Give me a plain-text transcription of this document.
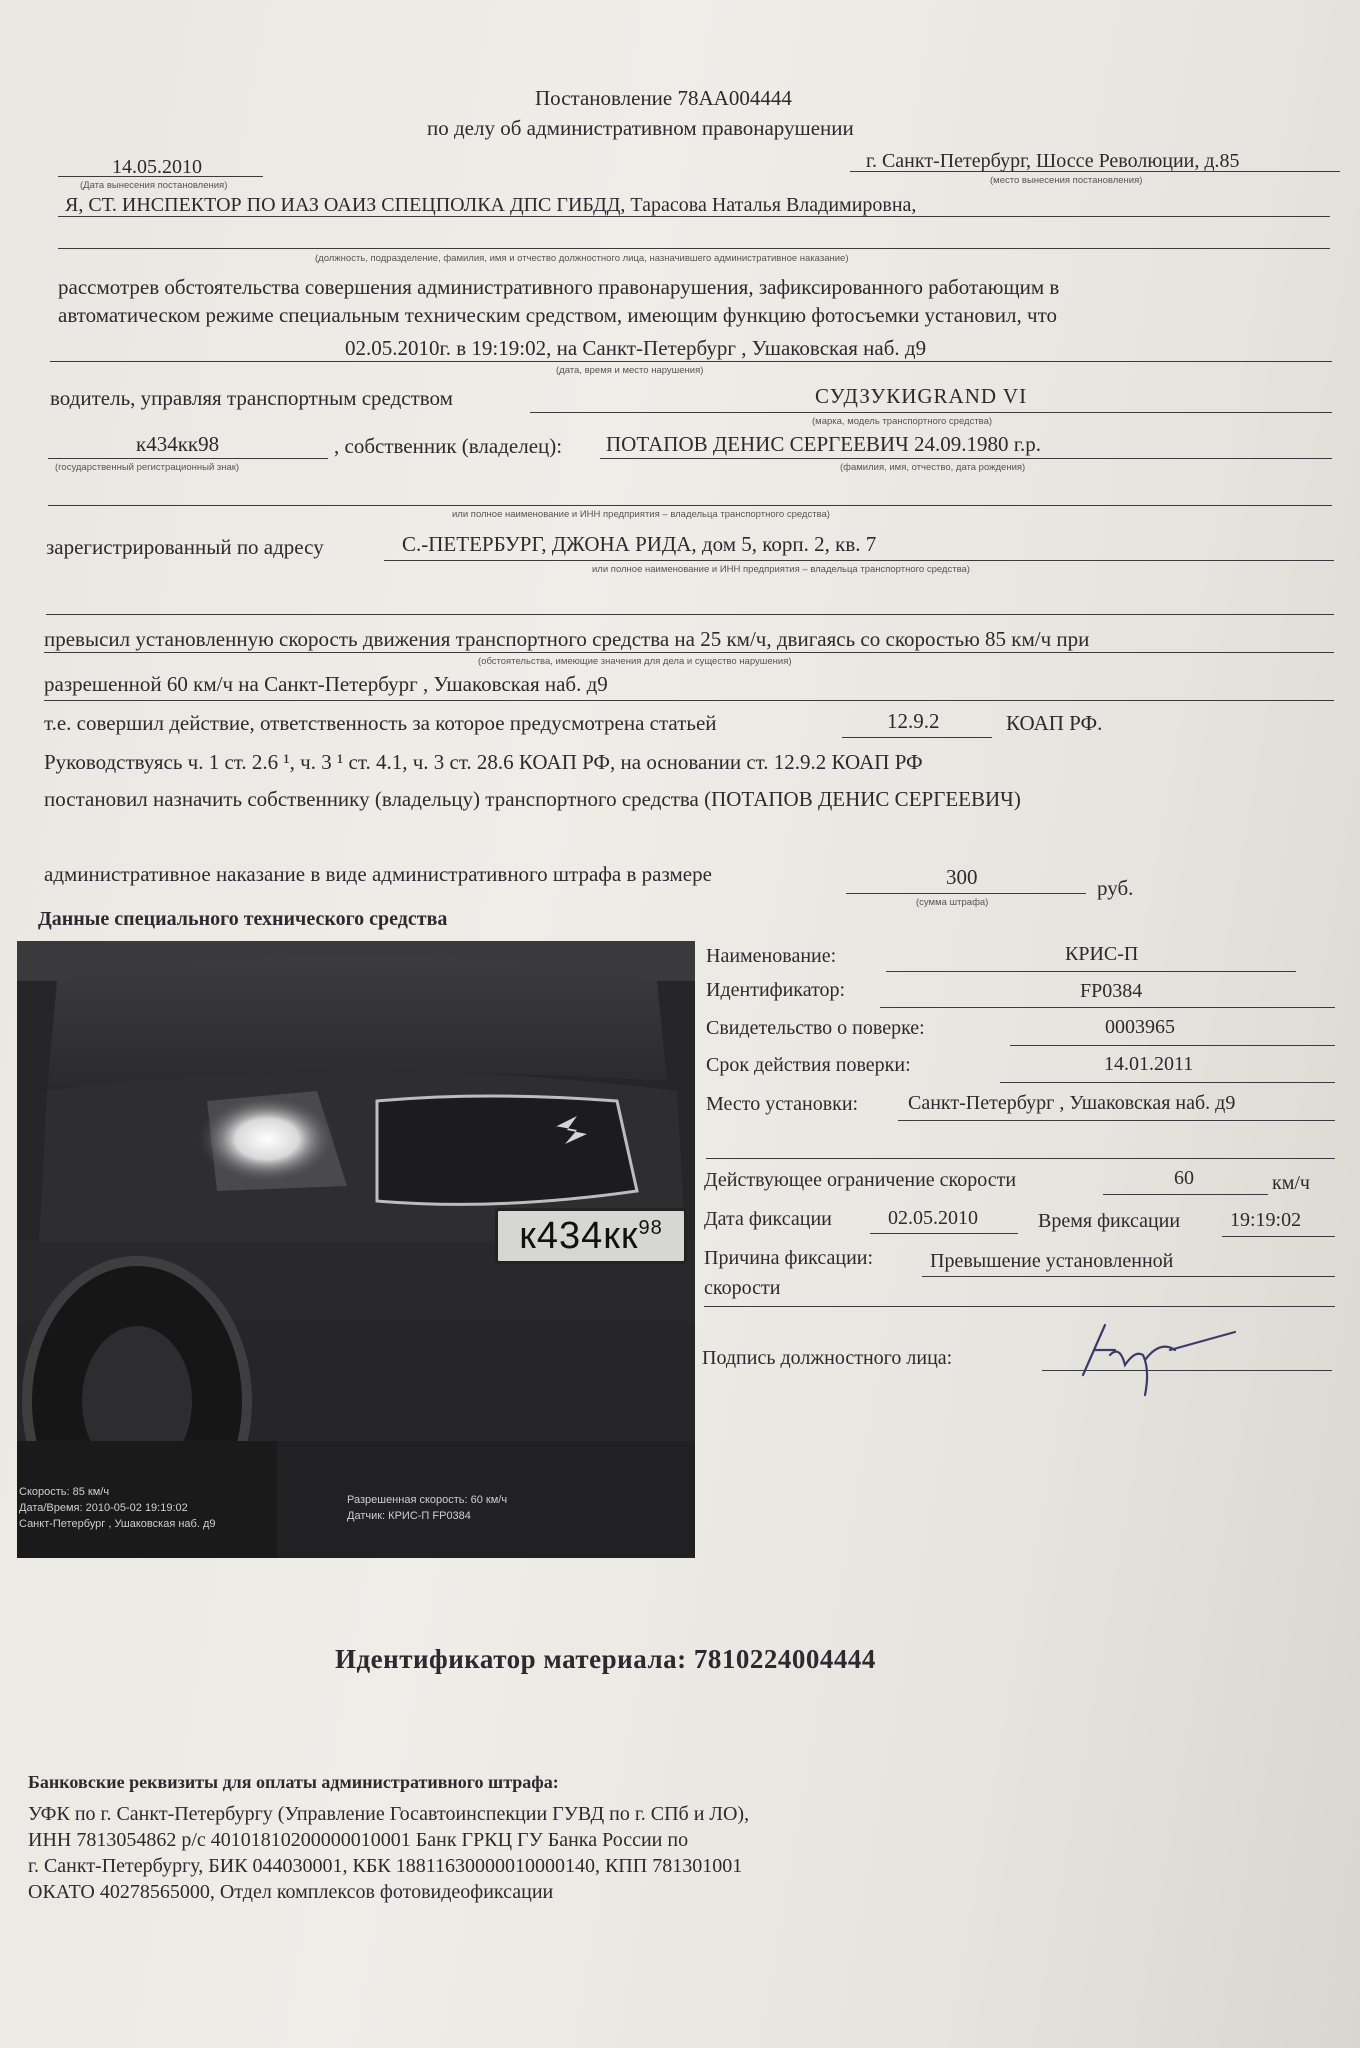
Постановление 78АА004444
по делу об административном правонарушении
14.05.2010
(Дата вынесения постановления)
г. Санкт-Петербург, Шоссе Революции, д.85
(место вынесения постановления)
Я, СТ. ИНСПЕКТОР ПО ИАЗ ОАИЗ СПЕЦПОЛКА ДПС ГИБДД, Тарасова Наталья Владимировна,
(должность, подразделение, фамилия, имя и отчество должностного лица, назначившего административное наказание)
рассмотрев обстоятельства совершения административного правонарушения, зафиксированного работающим в
автоматическом режиме специальным техническим средством, имеющим функцию фотосъемки установил, что
02.05.2010г. в 19:19:02, на Санкт-Петербург , Ушаковская наб. д9
(дата, время и место нарушения)
водитель, управляя транспортным средством	СУДЗУКИGRAND VI
(марка, модель транспортного средства)
к434кк98
(государственный регистрационный знак)
, собственник (владелец): ПОТАПОВ ДЕНИС СЕРГЕЕВИЧ 24.09.1980 г.р.
(фамилия, имя, отчество, дата рождения)
или полное наименование и ИНН предприятия – владельца транспортного средства)
зарегистрированный по адресу	С.-ПЕТЕРБУРГ, ДЖОНА РИДА, дом 5, корп. 2, кв. 7
или полное наименование и ИНН предприятия – владельца транспортного средства)
превысил установленную скорость движения транспортного средства на 25 км/ч, двигаясь со скоростью 85 км/ч при
(обстоятельства, имеющие значения для дела и существо нарушения)
разрешенной 60 км/ч на Санкт-Петербург , Ушаковская наб. д9
т.е. совершил действие, ответственность за которое предусмотрена статьей	12.9.2	КОАП РФ.
Руководствуясь ч. 1 ст. 2.6 ¹, ч. 3 ¹ ст. 4.1, ч. 3 ст. 28.6 КОАП РФ, на основании ст. 12.9.2 КОАП РФ
постановил назначить собственнику (владельцу) транспортного средства (ПОТАПОВ ДЕНИС СЕРГЕЕВИЧ)
административное наказание в виде административного штрафа в размере	300
(сумма штрафа)
руб.
Данные специального технического средства
$к434кк^{98}$
Скорость: 85 км/ч
Дата/Время: 2010-05-02 19:19:02
Санкт-Петербург , Ушаковская наб. д9
Разрешенная скорость: 60 км/ч
Датчик: КРИС-П FP0384
Наименование:	КРИС-П
Идентификатор:	FP0384
Свидетельство о поверке:	0003965
Срок действия поверки:	14.01.2011
Место установки: Санкт-Петербург , Ушаковская наб. д9
Действующее ограничение скорости	60	км/ч
Дата фиксации	02.05.2010	Время фиксации 19:19:02
Причина фиксации:	Превышение установленной
скорости
Подпись должностного лица:
Идентификатор материала: 7810224004444
Банковские реквизиты для оплаты административного штрафа:
УФК по г. Санкт-Петербургу (Управление Госавтоинспекции ГУВД по г. СПб и ЛО),
ИНН 7813054862 р/с 40101810200000010001 Банк ГРКЦ ГУ Банка России по
г. Санкт-Петербургу, БИК 044030001, КБК 18811630000010000140, КПП 781301001
ОКАТО 40278565000, Отдел комплексов фотовидеофиксации
